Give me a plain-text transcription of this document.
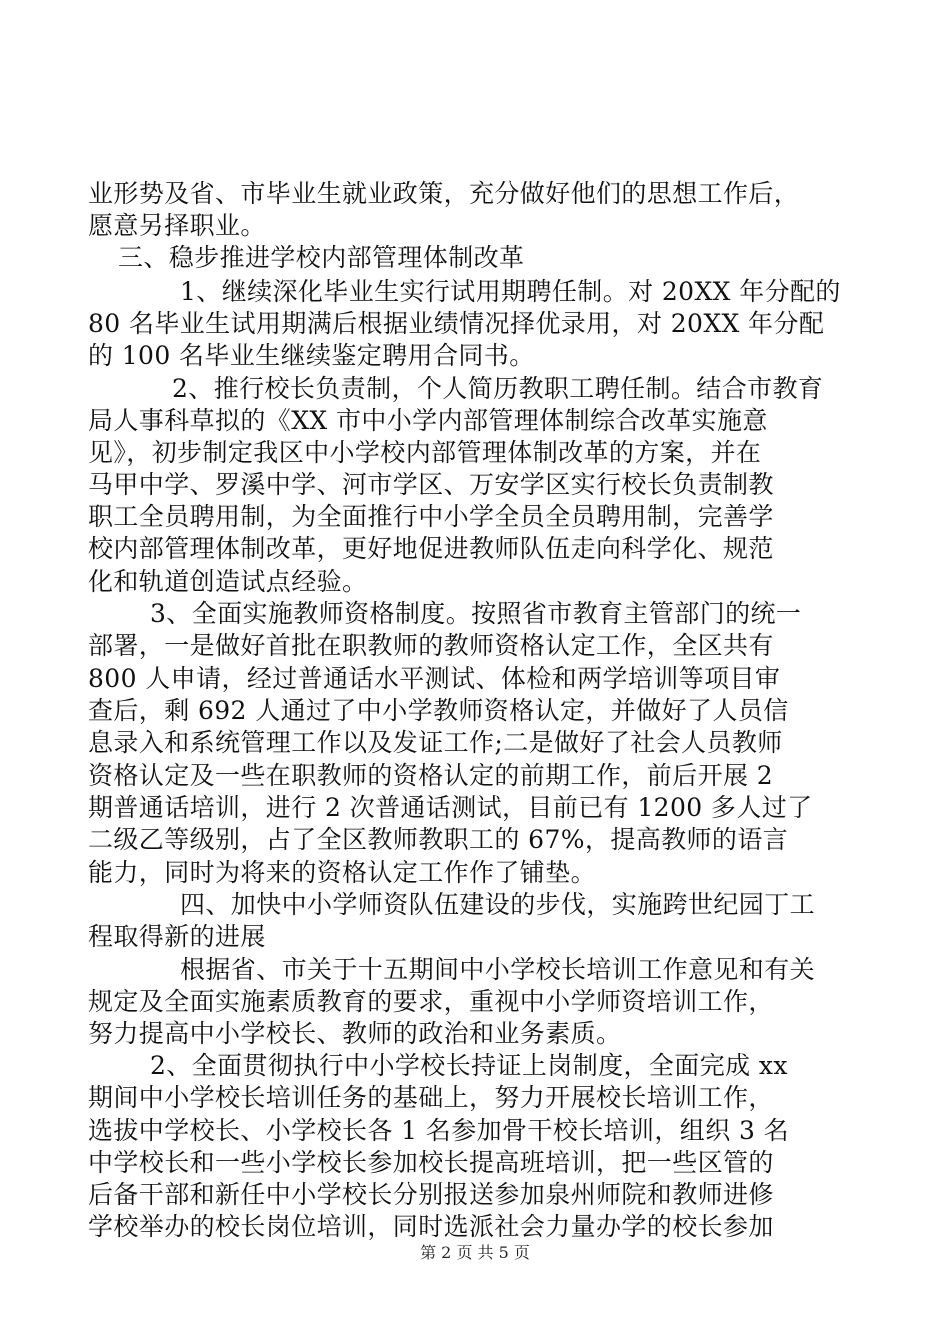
业形势及省、市毕业生就业政策，充分做好他们的思想工作后，
愿意另择职业。
三、稳步推进学校内部管理体制改革
1、继续深化毕业生实行试用期聘任制。对 20XX 年分配的
80 名毕业生试用期满后根据业绩情况择优录用，对 20XX 年分配
的 100 名毕业生继续鉴定聘用合同书。
2、推行校长负责制，个人简历教职工聘任制。结合市教育
局人事科草拟的《XX 市中小学内部管理体制综合改革实施意
见》，初步制定我区中小学校内部管理体制改革的方案，并在
马甲中学、罗溪中学、河市学区、万安学区实行校长负责制教
职工全员聘用制，为全面推行中小学全员全员聘用制，完善学
校内部管理体制改革，更好地促进教师队伍走向科学化、规范
化和轨道创造试点经验。
3、全面实施教师资格制度。按照省市教育主管部门的统一
部署，一是做好首批在职教师的教师资格认定工作，全区共有
800 人申请，经过普通话水平测试、体检和两学培训等项目审
查后，剩 692 人通过了中小学教师资格认定，并做好了人员信
息录入和系统管理工作以及发证工作;二是做好了社会人员教师
资格认定及一些在职教师的资格认定的前期工作，前后开展 2
期普通话培训，进行 2 次普通话测试，目前已有 1200 多人过了
二级乙等级别，占了全区教师教职工的 67%，提高教师的语言
能力，同时为将来的资格认定工作作了铺垫。
四、加快中小学师资队伍建设的步伐，实施跨世纪园丁工
程取得新的进展
根据省、市关于十五期间中小学校长培训工作意见和有关
规定及全面实施素质教育的要求，重视中小学师资培训工作，
努力提高中小学校长、教师的政治和业务素质。
2、全面贯彻执行中小学校长持证上岗制度，全面完成 xx
期间中小学校长培训任务的基础上，努力开展校长培训工作，
选拔中学校长、小学校长各 1 名参加骨干校长培训，组织 3 名
中学校长和一些小学校长参加校长提高班培训，把一些区管的
后备干部和新任中小学校长分别报送参加泉州师院和教师进修
学校举办的校长岗位培训，同时选派社会力量办学的校长参加
第 2 页 共 5 页
